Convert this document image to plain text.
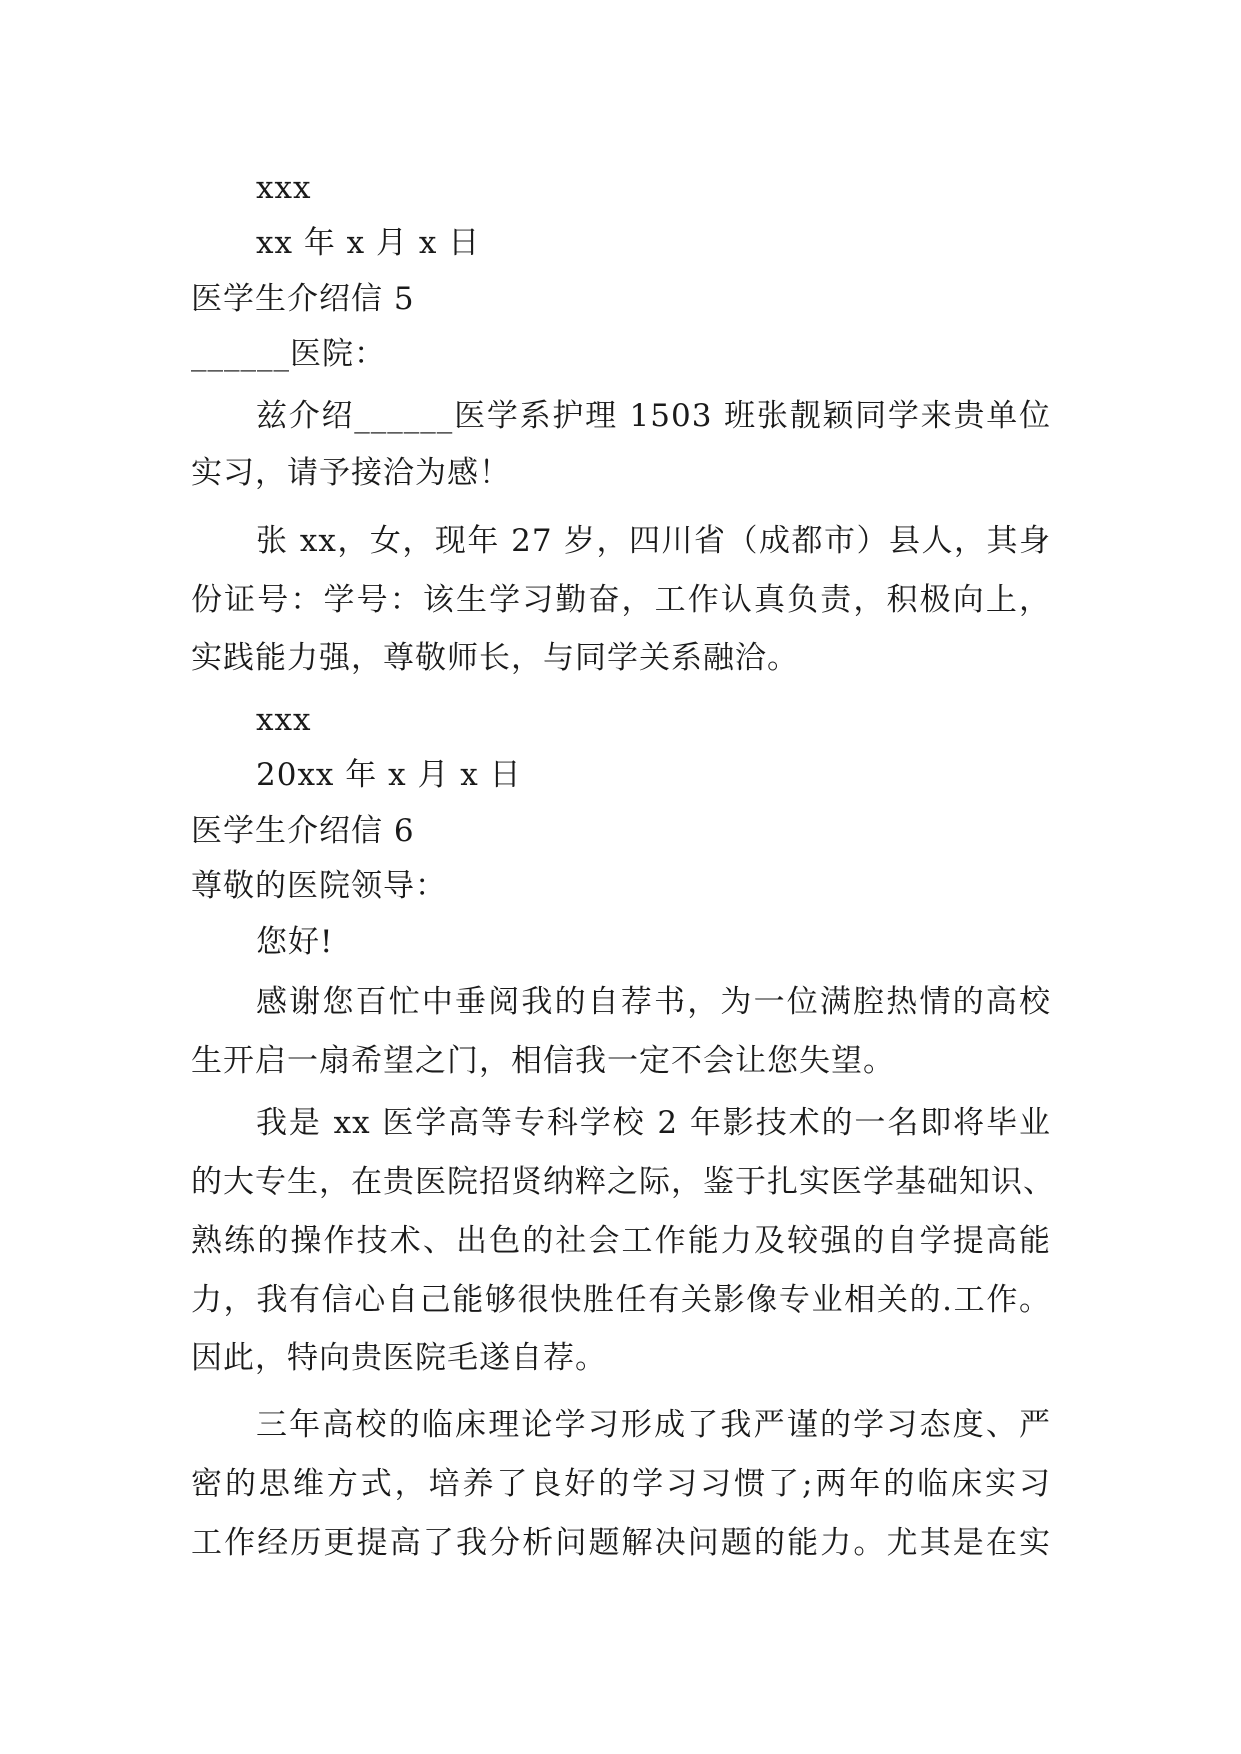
xxx
xx 年 x 月 x 日
医学生介绍信 5
______医院：
兹介绍______医学系护理 1503 班张靓颖同学来贵单位
实习，请予接洽为感！
张 xx，女，现年 27 岁，四川省（成都市）县人，其身
份证号：学号：该生学习勤奋，工作认真负责，积极向上，
实践能力强，尊敬师长，与同学关系融洽。
xxx
20xx 年 x 月 x 日
医学生介绍信 6
尊敬的医院领导：
您好!
感谢您百忙中垂阅我的自荐书，为一位满腔热情的高校
生开启一扇希望之门，相信我一定不会让您失望。
我是 xx 医学高等专科学校 2 年影技术的一名即将毕业
的大专生，在贵医院招贤纳粹之际，鉴于扎实医学基础知识、
熟练的操作技术、出色的社会工作能力及较强的自学提高能
力，我有信心自己能够很快胜任有关影像专业相关的.工作。
因此，特向贵医院毛遂自荐。
三年高校的临床理论学习形成了我严谨的学习态度、严
密的思维方式，培养了良好的学习习惯了;两年的临床实习
工作经历更提高了我分析问题解决问题的能力。尤其是在实
